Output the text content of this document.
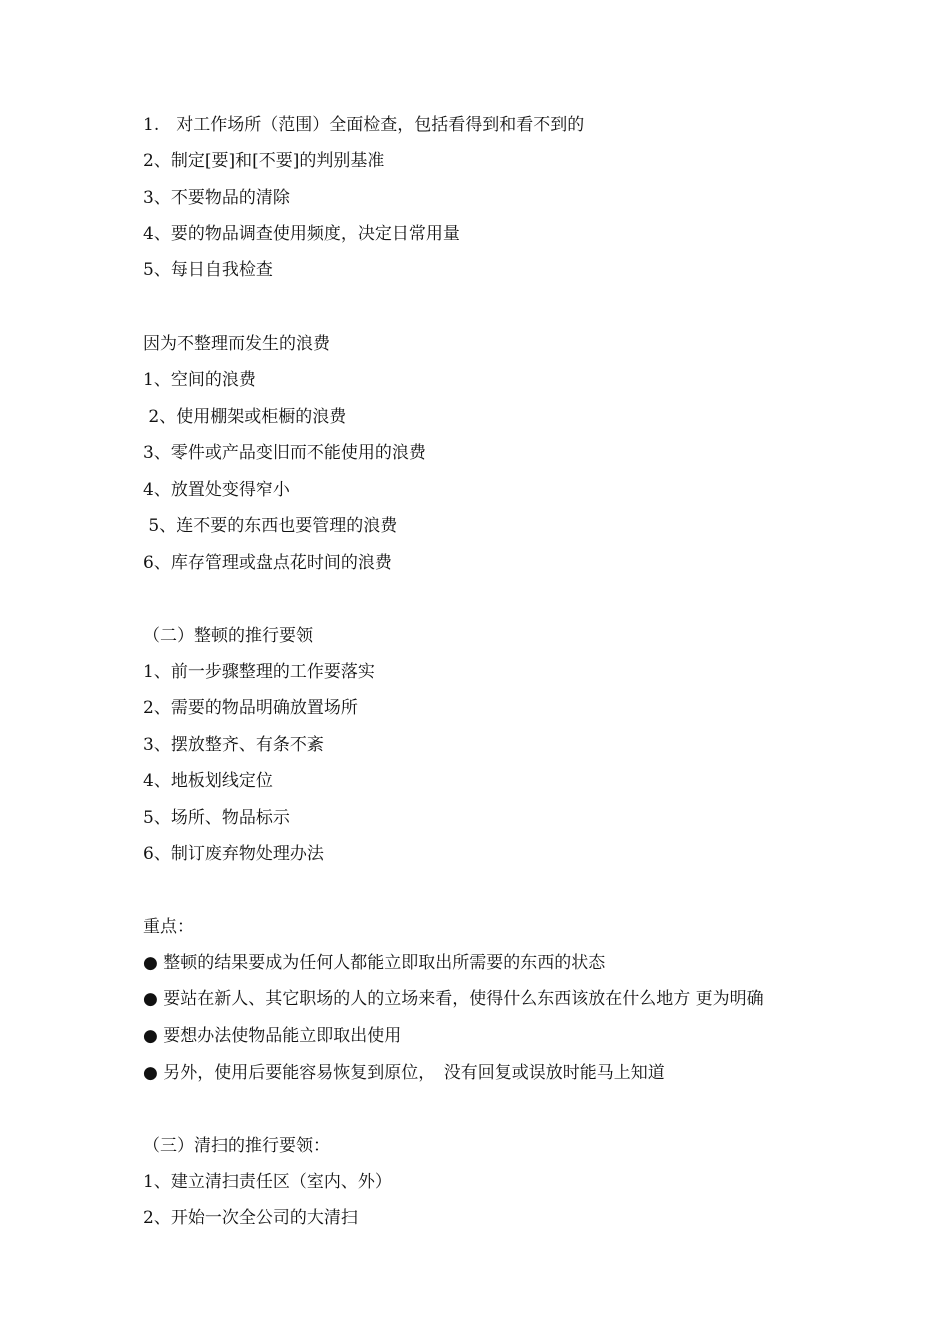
1.　对工作场所（范围）全面检查，包括看得到和看不到的
2、制定[要]和[不要]的判别基准
3、不要物品的清除
4、要的物品调查使用频度，决定日常用量
5、每日自我检查
因为不整理而发生的浪费
1、空间的浪费
2、使用棚架或柜橱的浪费
3、零件或产品变旧而不能使用的浪费
4、放置处变得窄小
5、连不要的东西也要管理的浪费
6、库存管理或盘点花时间的浪费
（二）整顿的推行要领
1、前一步骤整理的工作要落实
2、需要的物品明确放置场所
3、摆放整齐、有条不紊
4、地板划线定位
5、场所、物品标示
6、制订废弃物处理办法
重点：
● 整顿的结果要成为任何人都能立即取出所需要的东西的状态
● 要站在新人、其它职场的人的立场来看，使得什么东西该放在什么地方 更为明确
● 要想办法使物品能立即取出使用
● 另外，使用后要能容易恢复到原位，　没有回复或误放时能马上知道
（三）清扫的推行要领：
1、建立清扫责任区（室内、外）
2、开始一次全公司的大清扫
